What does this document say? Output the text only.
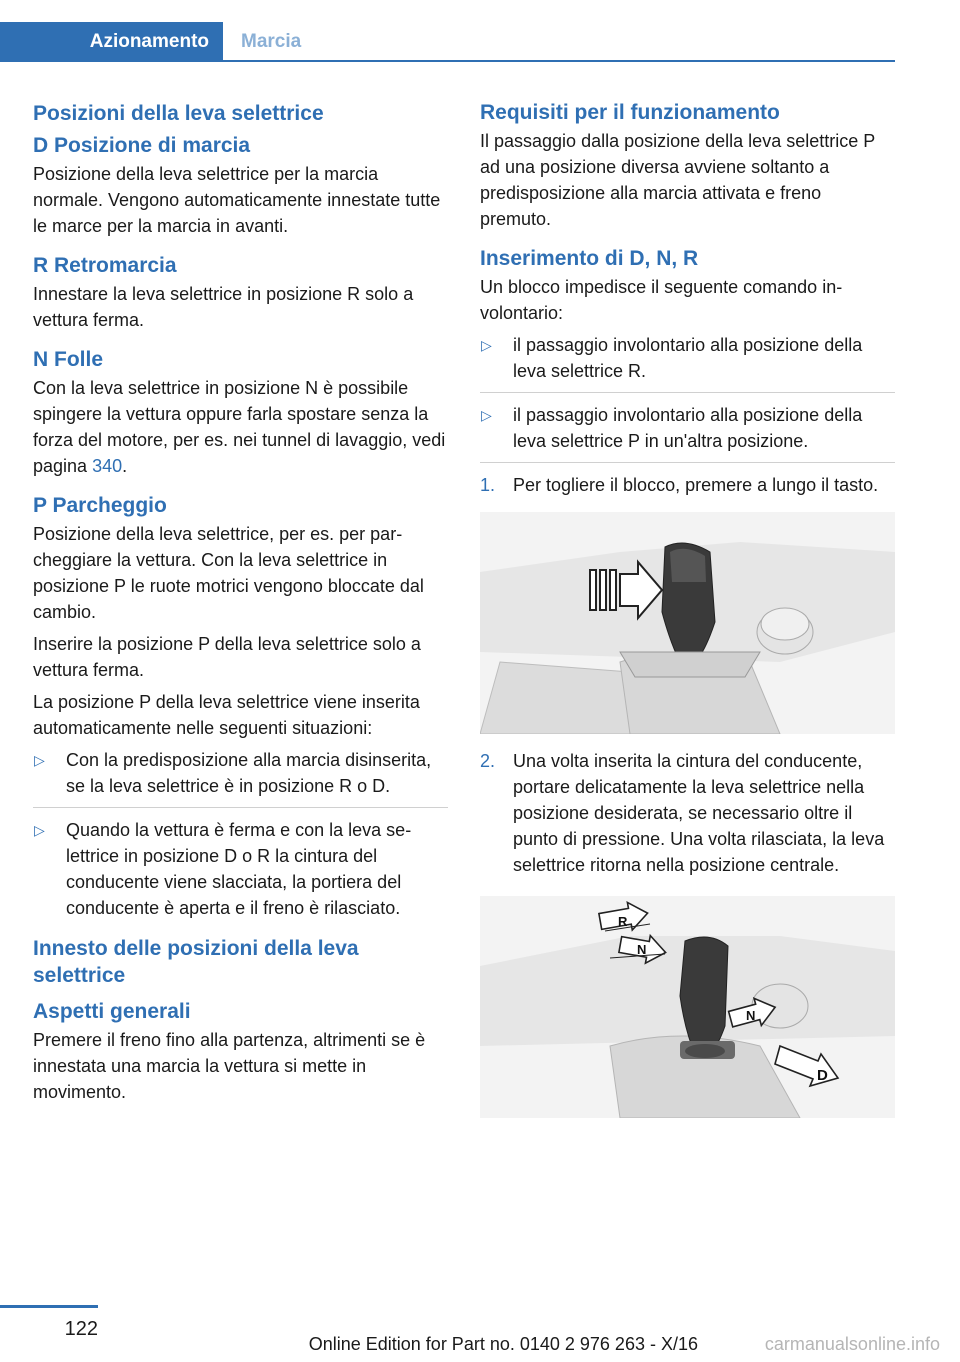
Azionamento	Marcia
Posizioni della leva selettrice
D Posizione di marcia

Posizione della leva selettrice per la marcia normale. Vengono automaticamente innestate tutte le marce per la marcia in avanti.

R Retromarcia

Innestare la leva selettrice in posizione R solo a vettura ferma.

N Folle

Con la leva selettrice in posizione N è possibile spingere la vettura oppure farla spostare senza la forza del motore, per es. nei tunnel di lavaggio, vedi pagina 340.

P Parcheggio

Posizione della leva selettrice, per es. per parcheggiare la vettura. Con la leva selettrice in posizione P le ruote motrici vengono bloccate dal cambio.

Inserire la posizione P della leva selettrice solo a vettura ferma.

La posizione P della leva selettrice viene inserita automaticamente nelle seguenti situazioni:

▷ Con la predisposizione alla marcia disinserita, se la leva selettrice è in posizione R o D.
▷ Quando la vettura è ferma e con la leva selettrice in posizione D o R la cintura del conducente viene slacciata, la portiera del conducente è aperta e il freno è rilasciato.
Innesto delle posizioni della leva selettrice
Aspetti generali

Premere il freno fino alla partenza, altrimenti se è innestata una marcia la vettura si mette in movimento.

Requisiti per il funzionamento

Il passaggio dalla posizione della leva selettrice P ad una posizione diversa avviene soltanto a predisposizione alla marcia attivata e freno premuto.

Inserimento di D, N, R

Un blocco impedisce il seguente comando involontario:

▷ il passaggio involontario alla posizione della leva selettrice R.
▷ il passaggio involontario alla posizione della leva selettrice P in un'altra posizione.
1. Per togliere il blocco, premere a lungo il tasto.
2. Una volta inserita la cintura del conducente, portare delicatamente la leva selettrice nella posizione desiderata, se necessario oltre il punto di pressione. Una volta rilasciata, la leva selettrice ritorna nella posizione centrale.
R
N
N
D
122
Online Edition for Part no. 0140 2 976 263 - X/16	carmanualsonline.info
